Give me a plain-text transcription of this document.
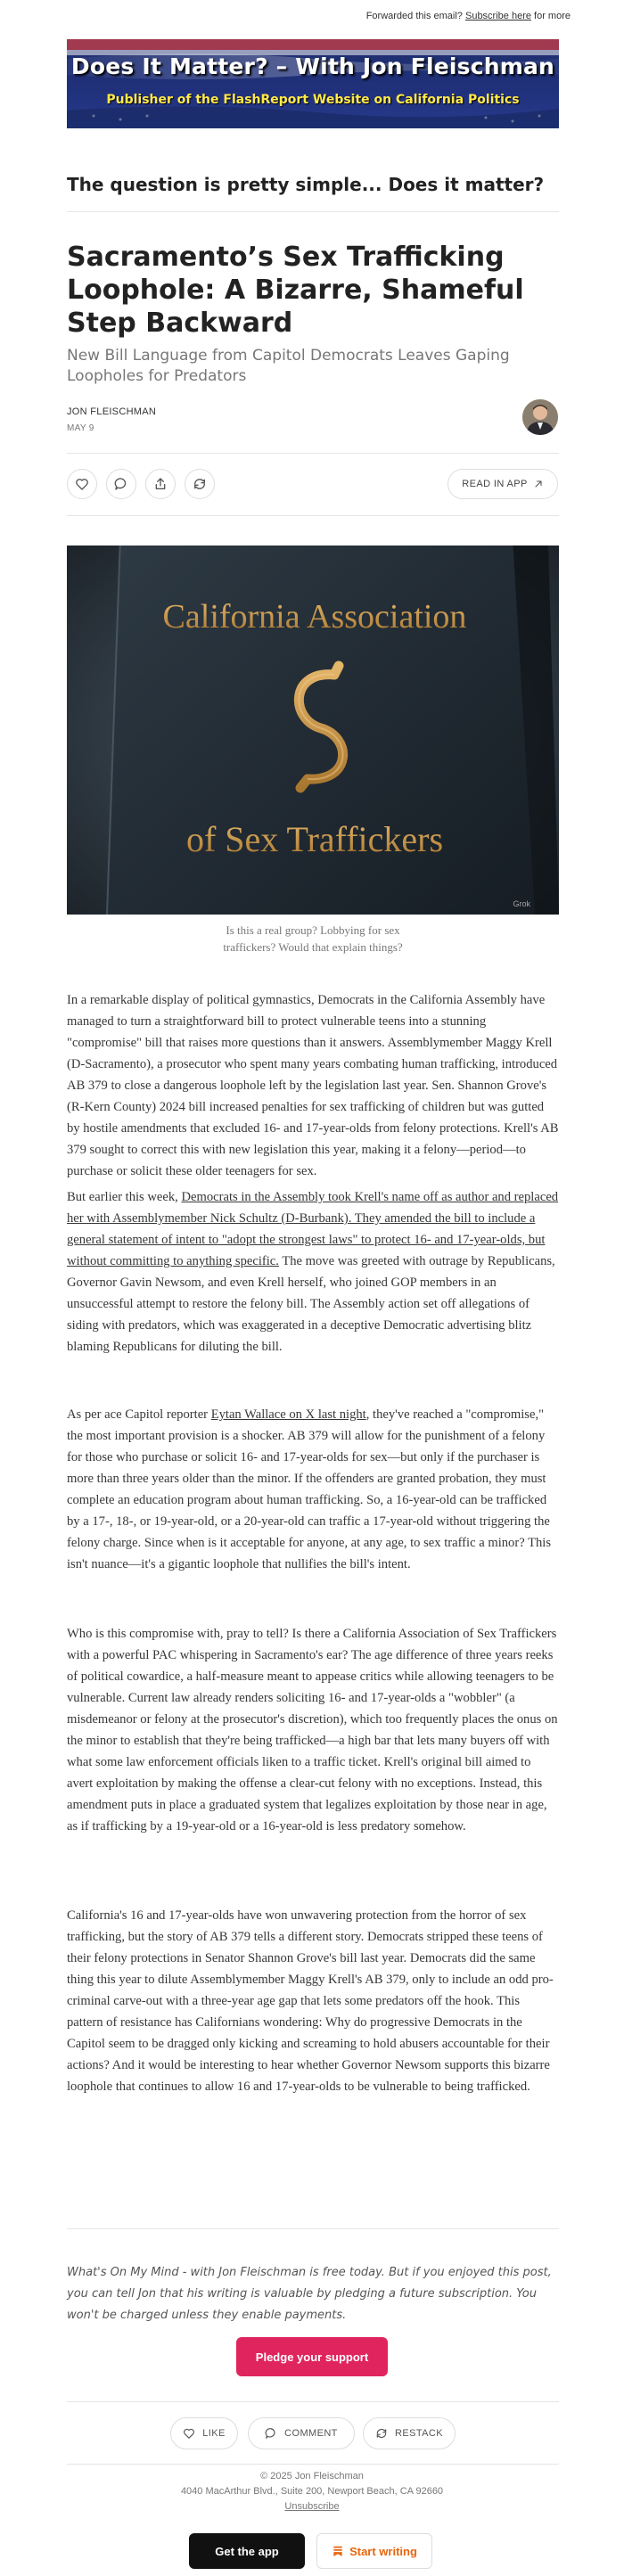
Forwarded this email? Subscribe here for more
Does It Matter? – With Jon Fleischman
Publisher of the FlashReport Website on California Politics
The question is pretty simple... Does it matter?
Sacramento’s Sex Trafficking Loophole: A Bizarre, Shameful Step Backward
New Bill Language from Capitol Democrats Leaves Gaping Loopholes for Predators
JON FLEISCHMAN
MAY 9
READ IN APP
California Association
of Sex Traffickers
Grok
Is this a real group? Lobbying for sex traffickers? Would that explain things?
In a remarkable display of political gymnastics, Democrats in the California Assembly have managed to turn a straightforward bill to protect vulnerable teens into a stunning "compromise" bill that raises more questions than it answers. Assemblymember Maggy Krell (D-Sacramento), a prosecutor who spent many years combating human trafficking, introduced AB 379 to close a dangerous loophole left by the legislation last year. Sen. Shannon Grove's (R-Kern County) 2024 bill increased penalties for sex trafficking of children but was gutted by hostile amendments that excluded 16- and 17-year-olds from felony protections. Krell's AB 379 sought to correct this with new legislation this year, making it a felony—period—to purchase or solicit these older teenagers for sex.
But earlier this week, Democrats in the Assembly took Krell's name off as author and replaced her with Assemblymember Nick Schultz (D-Burbank). They amended the bill to include a general statement of intent to "adopt the strongest laws" to protect 16- and 17-year-olds, but without committing to anything specific. The move was greeted with outrage by Republicans, Governor Gavin Newsom, and even Krell herself, who joined GOP members in an unsuccessful attempt to restore the felony bill. The Assembly action set off allegations of siding with predators, which was exaggerated in a deceptive Democratic advertising blitz blaming Republicans for diluting the bill.
As per ace Capitol reporter Eytan Wallace on X last night, they've reached a "compromise," the most important provision is a shocker. AB 379 will allow for the punishment of a felony for those who purchase or solicit 16- and 17-year-olds for sex—but only if the purchaser is more than three years older than the minor. If the offenders are granted probation, they must complete an education program about human trafficking. So, a 16-year-old can be trafficked by a 17-, 18-, or 19-year-old, or a 20-year-old can traffic a 17-year-old without triggering the felony charge. Since when is it acceptable for anyone, at any age, to sex traffic a minor? This isn't nuance—it's a gigantic loophole that nullifies the bill's intent.
Who is this compromise with, pray to tell? Is there a California Association of Sex Traffickers with a powerful PAC whispering in Sacramento's ear? The age difference of three years reeks of political cowardice, a half-measure meant to appease critics while allowing teenagers to be vulnerable. Current law already renders soliciting 16- and 17-year-olds a "wobbler" (a misdemeanor or felony at the prosecutor's discretion), which too frequently places the onus on the minor to establish that they're being trafficked—a high bar that lets many buyers off with what some law enforcement officials liken to a traffic ticket. Krell's original bill aimed to avert exploitation by making the offense a clear-cut felony with no exceptions. Instead, this amendment puts in place a graduated system that legalizes exploitation by those near in age, as if trafficking by a 19-year-old or a 16-year-old is less predatory somehow.
California's 16 and 17-year-olds have won unwavering protection from the horror of sex trafficking, but the story of AB 379 tells a different story. Democrats stripped these teens of their felony protections in Senator Shannon Grove's bill last year. Democrats did the same thing this year to dilute Assemblymember Maggy Krell's AB 379, only to include an odd pro-criminal carve-out with a three-year age gap that lets some predators off the hook. This pattern of resistance has Californians wondering: Why do progressive Democrats in the Capitol seem to be dragged only kicking and screaming to hold abusers accountable for their actions? And it would be interesting to hear whether Governor Newsom supports this bizarre loophole that continues to allow 16 and 17-year-olds to be vulnerable to being trafficked.
What's On My Mind - with Jon Fleischman is free today. But if you enjoyed this post, you can tell Jon that his writing is valuable by pledging a future subscription. You won't be charged unless they enable payments.
Pledge your support
LIKE	COMMENT	RESTACK
© 2025 Jon Fleischman
4040 MacArthur Blvd., Suite 200, Newport Beach, CA 92660
Unsubscribe
Get the app	Start writing
